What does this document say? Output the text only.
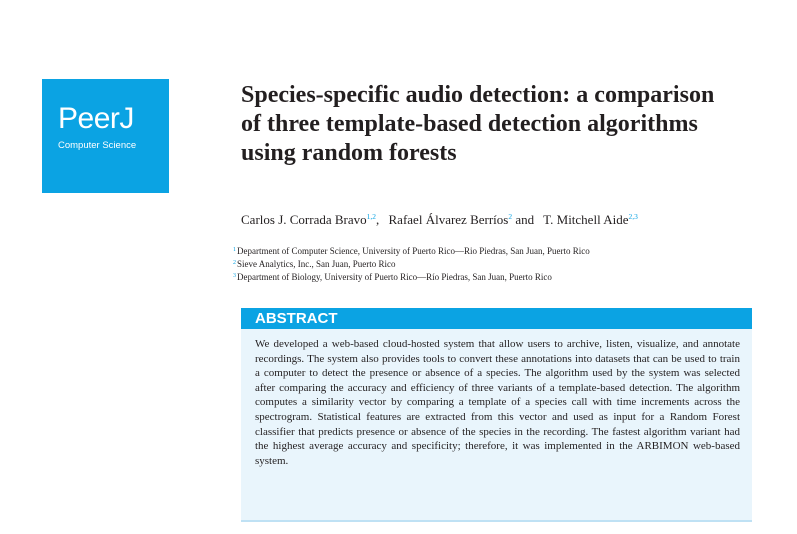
PeerJ
Computer Science
Species-specific audio detection: a comparison of three template-based detection algorithms using random forests
Carlos J. Corrada Bravo$^{1,2}$, Rafael Álvarez Berríos$^2$ and T. Mitchell Aide$^{2,3}$
$^1$Department of Computer Science, University of Puerto Rico—Rio Piedras, San Juan, Puerto Rico
$^2$Sieve Analytics, Inc., San Juan, Puerto Rico
$^3$Department of Biology, University of Puerto Rico—Río Piedras, San Juan, Puerto Rico
ABSTRACT
We developed a web-based cloud-hosted system that allow users to archive, listen, visualize, and annotate recordings. The system also provides tools to convert these annotations into datasets that can be used to train a computer to detect the presence or absence of a species. The algorithm used by the system was selected after comparing the accuracy and efficiency of three variants of a template-based detection. The algorithm computes a similarity vector by comparing a template of a species call with time increments across the spectrogram. Statistical features are extracted from this vector and used as input for a Random Forest classifier that predicts presence or absence of the species in the recording. The fastest algorithm variant had the highest average accuracy and specificity; therefore, it was implemented in the ARBIMON web-based system.
